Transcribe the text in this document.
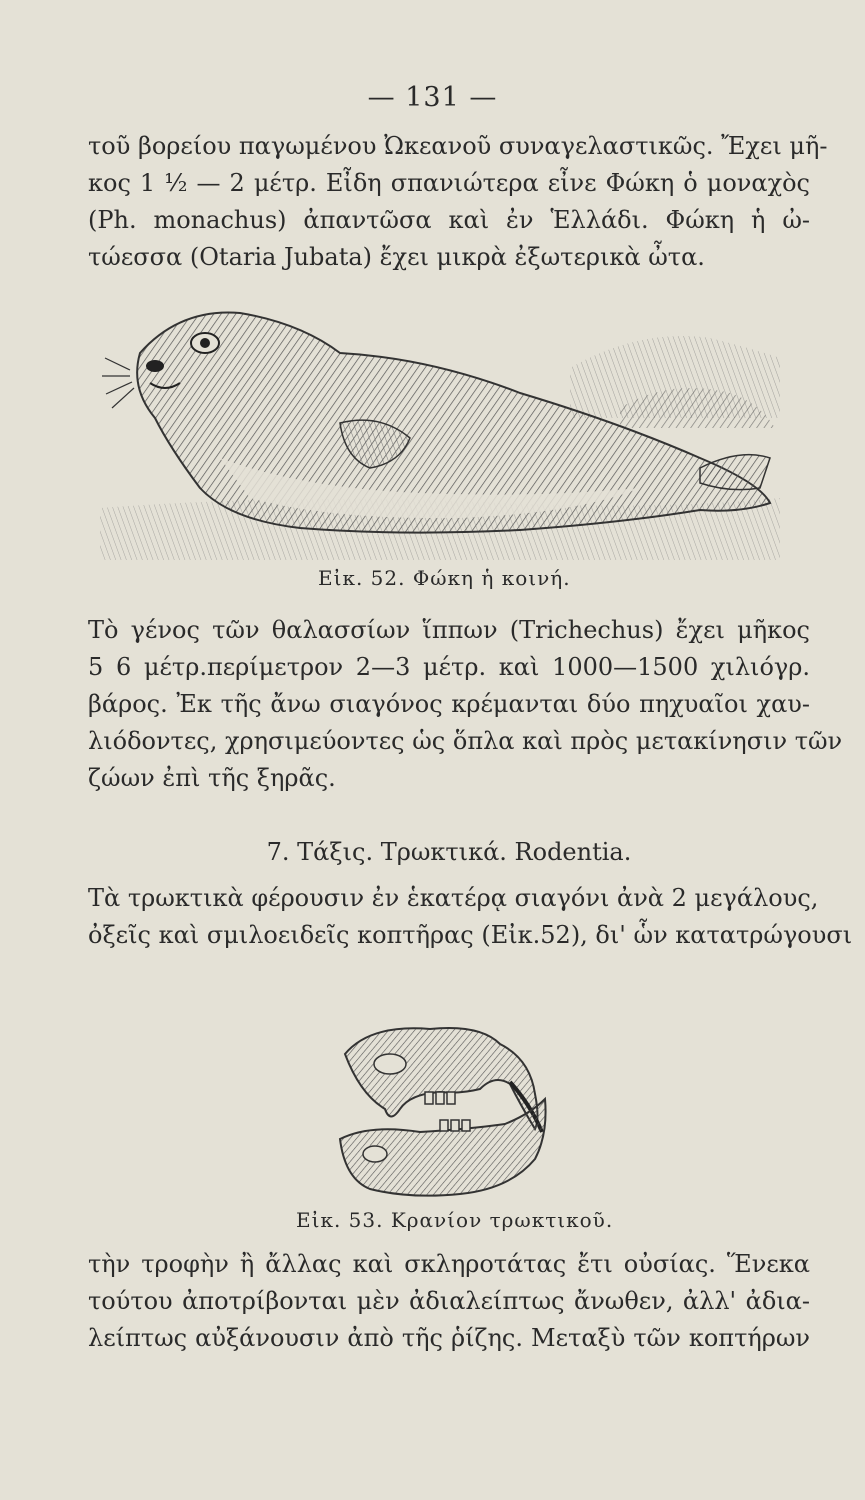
— 131 —
τοῦ βορείου παγωμένου Ὠκεανοῦ συναγελαστικῶς. Ἔχει μῆ-
κος 1 ½ — 2 μέτρ. Εἶδη σπανιώτερα εἶνε Φώκη ὁ μοναχὸς
(Ph. monachus) ἀπαντῶσα καὶ ἐν Ἑλλάδι. Φώκη ἡ ὠ-
τώεσσα (Otaria Jubata) ἔχει μικρὰ ἐξωτερικὰ ὦτα.
Εἰκ. 52. Φώκη ἡ κοινή.
Τὸ γένος τῶν θαλασσίων ἵππων (Trichechus) ἔχει μῆκος
5 6 μέτρ.περίμετρον 2—3 μέτρ. καὶ 1000—1500 χιλιόγρ.
βάρος. Ἐκ τῆς ἄνω σιαγόνος κρέμανται δύο πηχυαῖοι χαυ-
λιόδοντες, χρησιμεύοντες ὡς ὅπλα καὶ πρὸς μετακίνησιν τῶν
ζώων ἐπὶ τῆς ξηρᾶς.
7. Τάξις. Τρωκτικά. Rodentia.
Τὰ τρωκτικὰ φέρουσιν ἐν ἑκατέρᾳ σιαγόνι ἀνὰ 2 μεγάλους,
ὀξεῖς καὶ σμιλοειδεῖς κοπτῆρας (Εἰκ.52), δι' ὧν κατατρώγουσι
Εἰκ. 53. Κρανίον τρωκτικοῦ.
τὴν τροφὴν ἢ ἄλλας καὶ σκληροτάτας ἔτι οὐσίας. Ἕνεκα
τούτου ἀποτρίβονται μὲν ἀδιαλείπτως ἄνωθεν, ἀλλ' ἀδια-
λείπτως αὐξάνουσιν ἀπὸ τῆς ῥίζης. Μεταξὺ τῶν κοπτήρων
